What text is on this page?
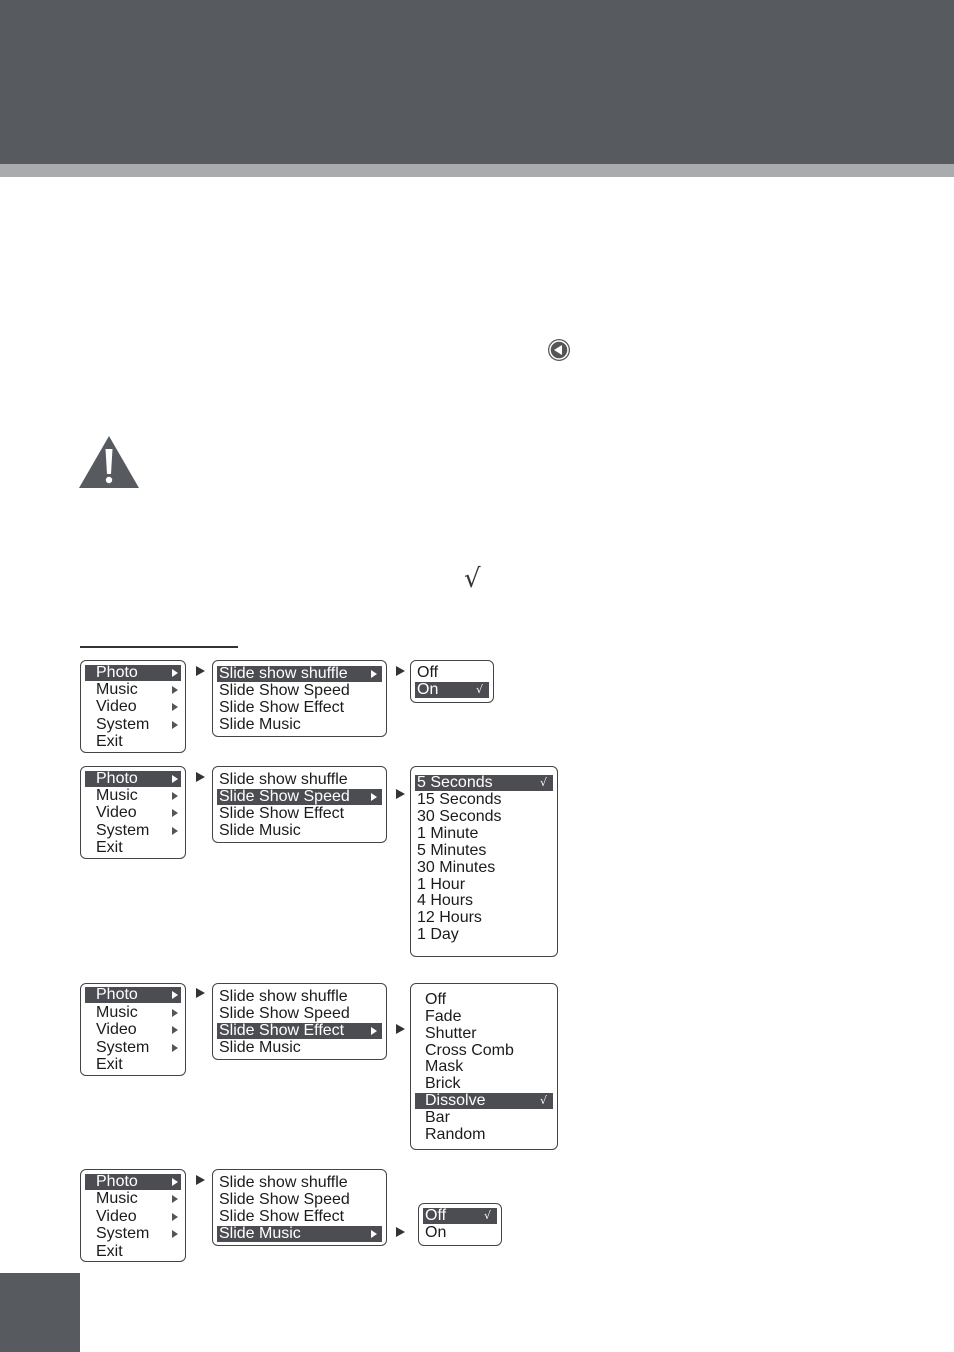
√
Photo
Music
Video
System
Exit
Slide show shuffle
Slide Show Speed
Slide Show Effect
Slide Music
Off
On	√
Photo
Music
Video
System
Exit
Slide show shuffle
Slide Show Speed
Slide Show Effect
Slide Music
5 Seconds	√
15 Seconds
30 Seconds
1 Minute
5 Minutes
30 Minutes
1 Hour
4 Hours
12 Hours
1 Day
Photo
Music
Video
System
Exit
Slide show shuffle
Slide Show Speed
Slide Show Effect
Slide Music
Off
Fade
Shutter
Cross Comb
Mask
Brick
Dissolve	√
Bar
Random
Photo
Music
Video
System
Exit
Slide show shuffle
Slide Show Speed
Slide Show Effect
Slide Music
Off	√
On
